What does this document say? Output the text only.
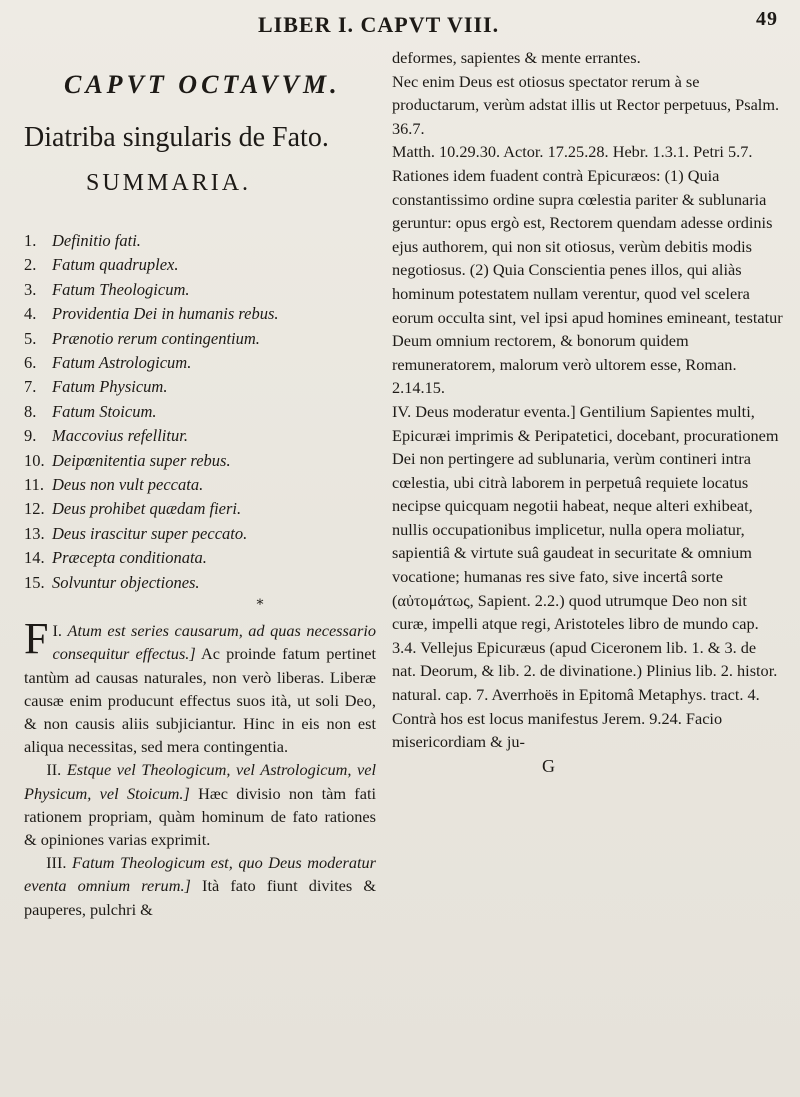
LIBER I. CAPVT VIII.	49
CAPVT OCTAVVM.
Diatriba singularis de Fato.
SUMMARIA.
1. Definitio fati.
2. Fatum quadruplex.
3. Fatum Theologicum.
4. Providentia Dei in humanis rebus.
5. Prænotio rerum contingentium.
6. Fatum Astrologicum.
7. Fatum Physicum.
8. Fatum Stoicum.
9. Maccovius refellitur.
10. Deipœnitentia super rebus.
11. Deus non vult peccata.
12. Deus prohibet quædam fieri.
13. Deus irascitur super peccato.
14. Præcepta conditionata.
15. Solvuntur objectiones.
*

I.
F Atum est series causarum, ad quas necessario consequitur effectus.] Ac proinde fatum pertinet tantùm ad causas naturales, non verò liberas. Liberæ causæ enim producunt effectus suos ità, ut soli Deo, & non causis aliis subjiciantur. Hinc in eis non est aliqua necessitas, sed mera contingentia.

II. Estque vel Theologicum, vel Astrologicum, vel Physicum, vel Stoicum.] Hæc divisio non tàm fati rationem propriam, quàm hominum de fato rationes & opiniones varias exprimit.

III. Fatum Theologicum est, quo Deus moderatur eventa omnium rerum.] Ità fato fiunt divites & pauperes, pulchri &

deformes, sapientes & mente errantes.
Nec enim Deus est otiosus spectator rerum à se productarum, verùm adstat illis ut Rector perpetuus, Psalm. 36.7.
Matth. 10.29.30. Actor. 17.25.28. Hebr. 1.3.1. Petri 5.7. Rationes idem fuadent contrà Epicuræos: (1) Quia constantissimo ordine supra cœlestia pariter & sublunaria geruntur: opus ergò est, Rectorem quendam adesse ordinis ejus authorem, qui non sit otiosus, verùm debitis modis negotiosus. (2) Quia Conscientia penes illos, qui aliàs hominum potestatem nullam verentur, quod vel scelera eorum occulta sint, vel ipsi apud homines emineant, testatur Deum omnium rectorem, & bonorum quidem remuneratorem, malorum verò ultorem esse, Roman. 2.14.15.
IV. Deus moderatur eventa.] Gentilium Sapientes multi, Epicuræi imprimis & Peripatetici, docebant, procurationem Dei non pertingere ad sublunaria, verùm contineri intra cœlestia, ubi citrà laborem in perpetuâ requiete locatus necipse quicquam negotii habeat, neque alteri exhibeat, nullis occupationibus implicetur, nulla opera moliatur, sapientiâ & virtute suâ gaudeat in securitate & omnium vocatione; humanas res sive fato, sive incertâ sorte (αὐτομάτως, Sapient. 2.2.) quod utrumque Deo non sit curæ, impelli atque regi, Aristoteles libro de mundo cap. 3.4. Vellejus Epicuræus (apud Ciceronem lib. 1. & 3. de nat. Deorum, & lib. 2. de divinatione.) Plinius lib. 2. histor. natural. cap. 7. Averrhoës in Epitomâ Metaphys. tract. 4. Contrà hos est locus manifestus Jerem. 9.24. Facio misericordiam & ju-

G
